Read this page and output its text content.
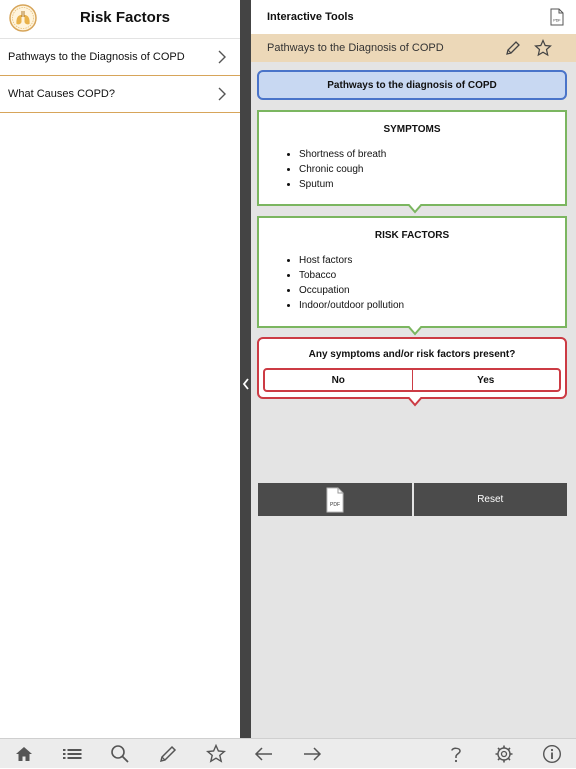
Risk Factors
Pathways to the Diagnosis of COPD
What Causes COPD?
Interactive Tools	PDF
Pathways to the Diagnosis of COPD
Pathways to the diagnosis of COPD
SYMPTOMS
• Shortness of breath
• Chronic cough
• Sputum
RISK FACTORS
• Host factors
• Tobacco
• Occupation
• Indoor/outdoor pollution
Any symptoms and/or risk factors present?
No	Yes
PDF	Reset
